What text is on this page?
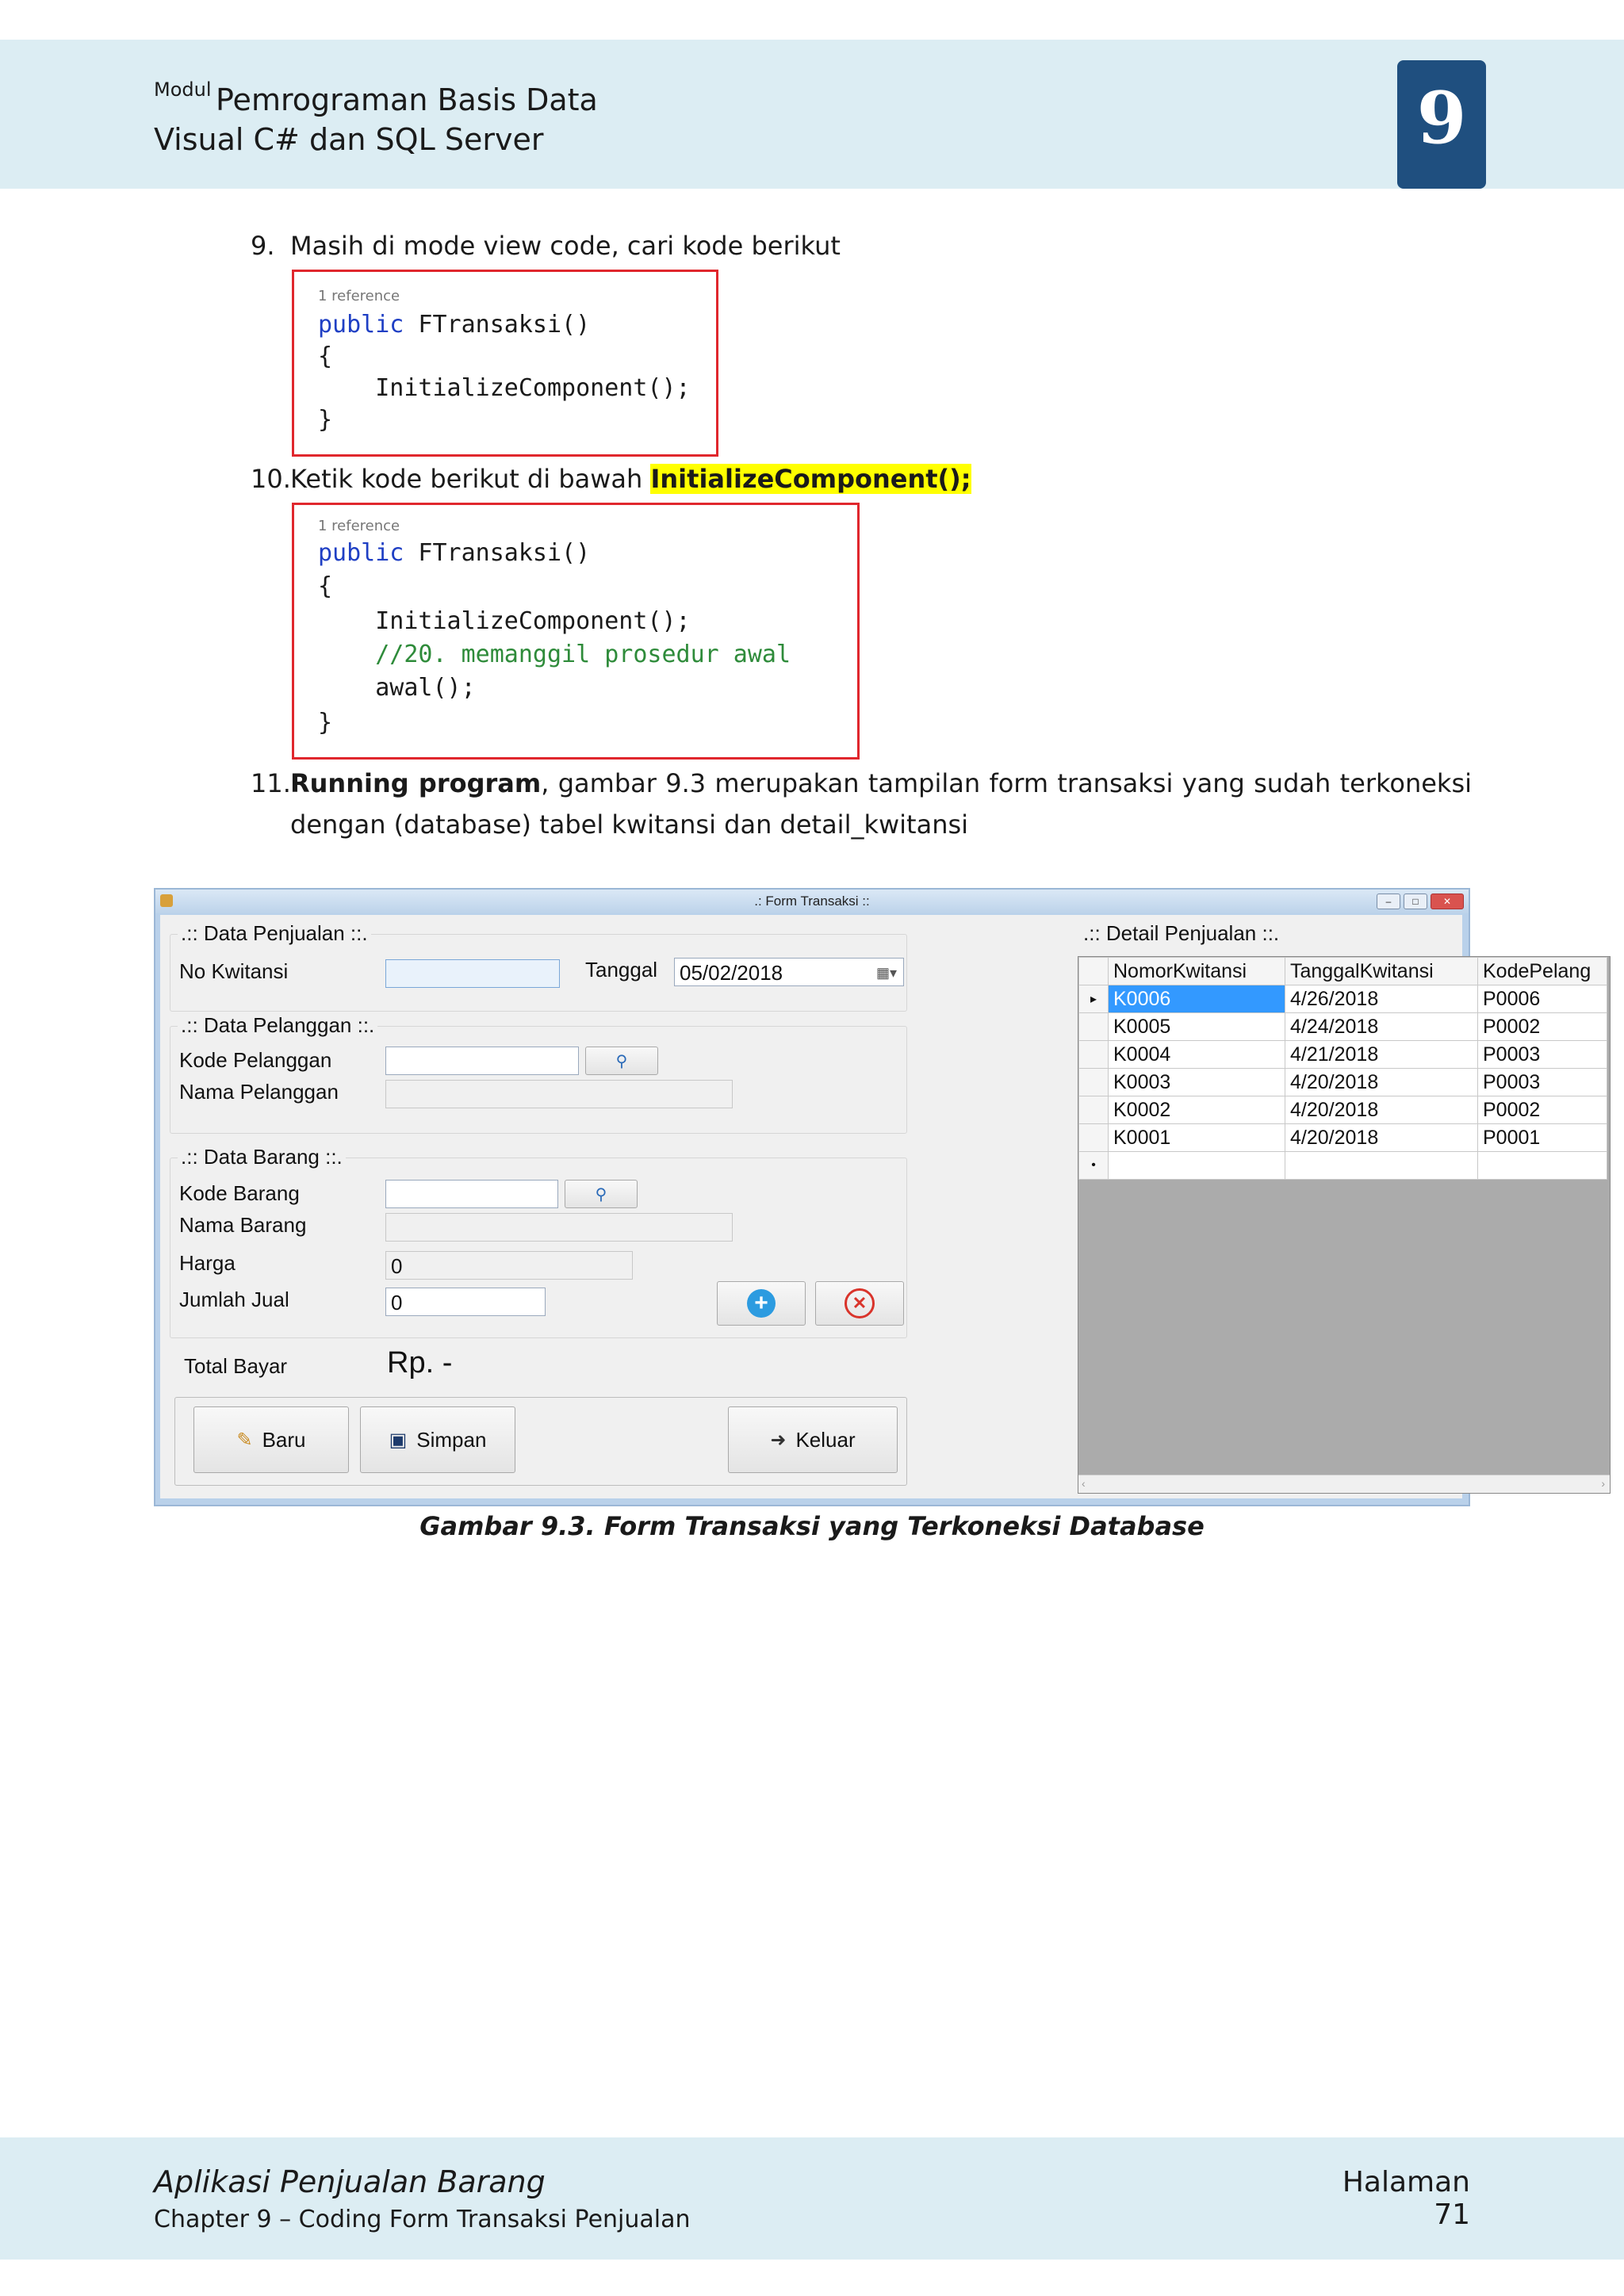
Modul Pemrograman Basis Data
Visual C# dan SQL Server	9
9. Masih di mode view code, cari kode berikut
1 reference
public FTransaksi()
{
InitializeComponent();
}
10. Ketik kode berikut di bawah InitializeComponent();
1 reference
public FTransaksi()
{
InitializeComponent();
//20. memanggil prosedur awal
awal();
}
11. Running program, gambar 9.3 merupakan tampilan form transaksi yang sudah terkoneksi
dengan (database) tabel kwitansi dan detail_kwitansi
.: Form Transaksi ::	–	□	✕
.:: Data Penjualan ::.
No Kwitansi	Tanggal 05/02/2018	▦▾
.:: Data Pelanggan ::.
Kode Pelanggan	⚲
Nama Pelanggan
.:: Data Barang ::.
Kode Barang	⚲
Nama Barang
Harga	0
Jumlah Jual	0	+	✕
Total Bayar	Rp. -
✎ Baru	▣ Simpan	➜ Keluar
.:: Detail Penjualan ::.
	NomorKwitansi	TanggalKwitansi	KodePelang
▸	K0006	4/26/2018	P0006
	K0005	4/24/2018	P0002
	K0004	4/21/2018	P0003
	K0003	4/20/2018	P0003
	K0002	4/20/2018	P0002
	K0001	4/20/2018	P0001
•			
‹	›
Gambar 9.3. Form Transaksi yang Terkoneksi Database
Aplikasi Penjualan Barang
Chapter 9 – Coding Form Transaksi Penjualan
Halaman 71
